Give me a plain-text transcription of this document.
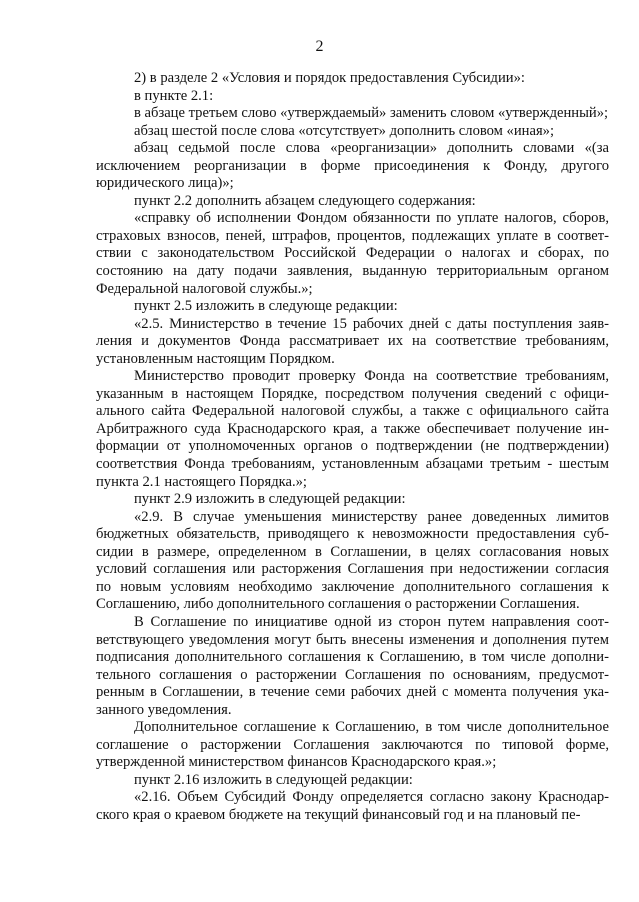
2

2) в разделе 2 «Условия и порядок предоставления Субсидии»:

в пункте 2.1:

в абзаце третьем слово «утверждаемый» заменить словом «утвержденный»;

абзац шестой после слова «отсутствует» дополнить словом «иная»;

абзац седьмой после слова «реорганизации» дополнить словами «(за исключением реорганизации в форме присоединения к Фонду, другого юридического лица)»;

пункт 2.2 дополнить абзацем следующего содержания:

«справку об исполнении Фондом обязанности по уплате налогов, сборов, страховых взносов, пеней, штрафов, процентов, подлежащих уплате в соответствии с законодательством Российской Федерации о налогах и сборах, по состоянию на дату подачи заявления, выданную территориальным органом Федеральной налоговой службы.»;

пункт 2.5 изложить в следующе редакции:

«2.5. Министерство в течение 15 рабочих дней с даты поступления заявления и документов Фонда рассматривает их на соответствие требованиям, установленным настоящим Порядком.

Министерство проводит проверку Фонда на соответствие требованиям, указанным в настоящем Порядке, посредством получения сведений с официального сайта Федеральной налоговой службы, а также с официального сайта Арбитражного суда Краснодарского края, а также обеспечивает получение информации от уполномоченных органов о подтверждении (не подтверждении) соответствия Фонда требованиям, установленным абзацами третьим - шестым пункта 2.1 настоящего Порядка.»;

пункт 2.9 изложить в следующей редакции:

«2.9. В случае уменьшения министерству ранее доведенных лимитов бюджетных обязательств, приводящего к невозможности предоставления субсидии в размере, определенном в Соглашении, в целях согласования новых условий соглашения или расторжения Соглашения при недостижении согласия по новым условиям необходимо заключение дополнительного соглашения к Соглашению, либо дополнительного соглашения о расторжении Соглашения.

В Соглашение по инициативе одной из сторон путем направления соответствующего уведомления могут быть внесены изменения и дополнения путем подписания дополнительного соглашения к Соглашению, в том числе дополнительного соглашения о расторжении Соглашения по основаниям, предусмотренным в Соглашении, в течение семи рабочих дней с момента получения указанного уведомления.

Дополнительное соглашение к Соглашению, в том числе дополнительное соглашение о расторжении Соглашения заключаются по типовой форме, утвержденной министерством финансов Краснодарского края.»;

пункт 2.16 изложить в следующей редакции:

«2.16. Объем Субсидий Фонду определяется согласно закону Краснодарского края о краевом бюджете на текущий финансовый год и на плановый пе-
